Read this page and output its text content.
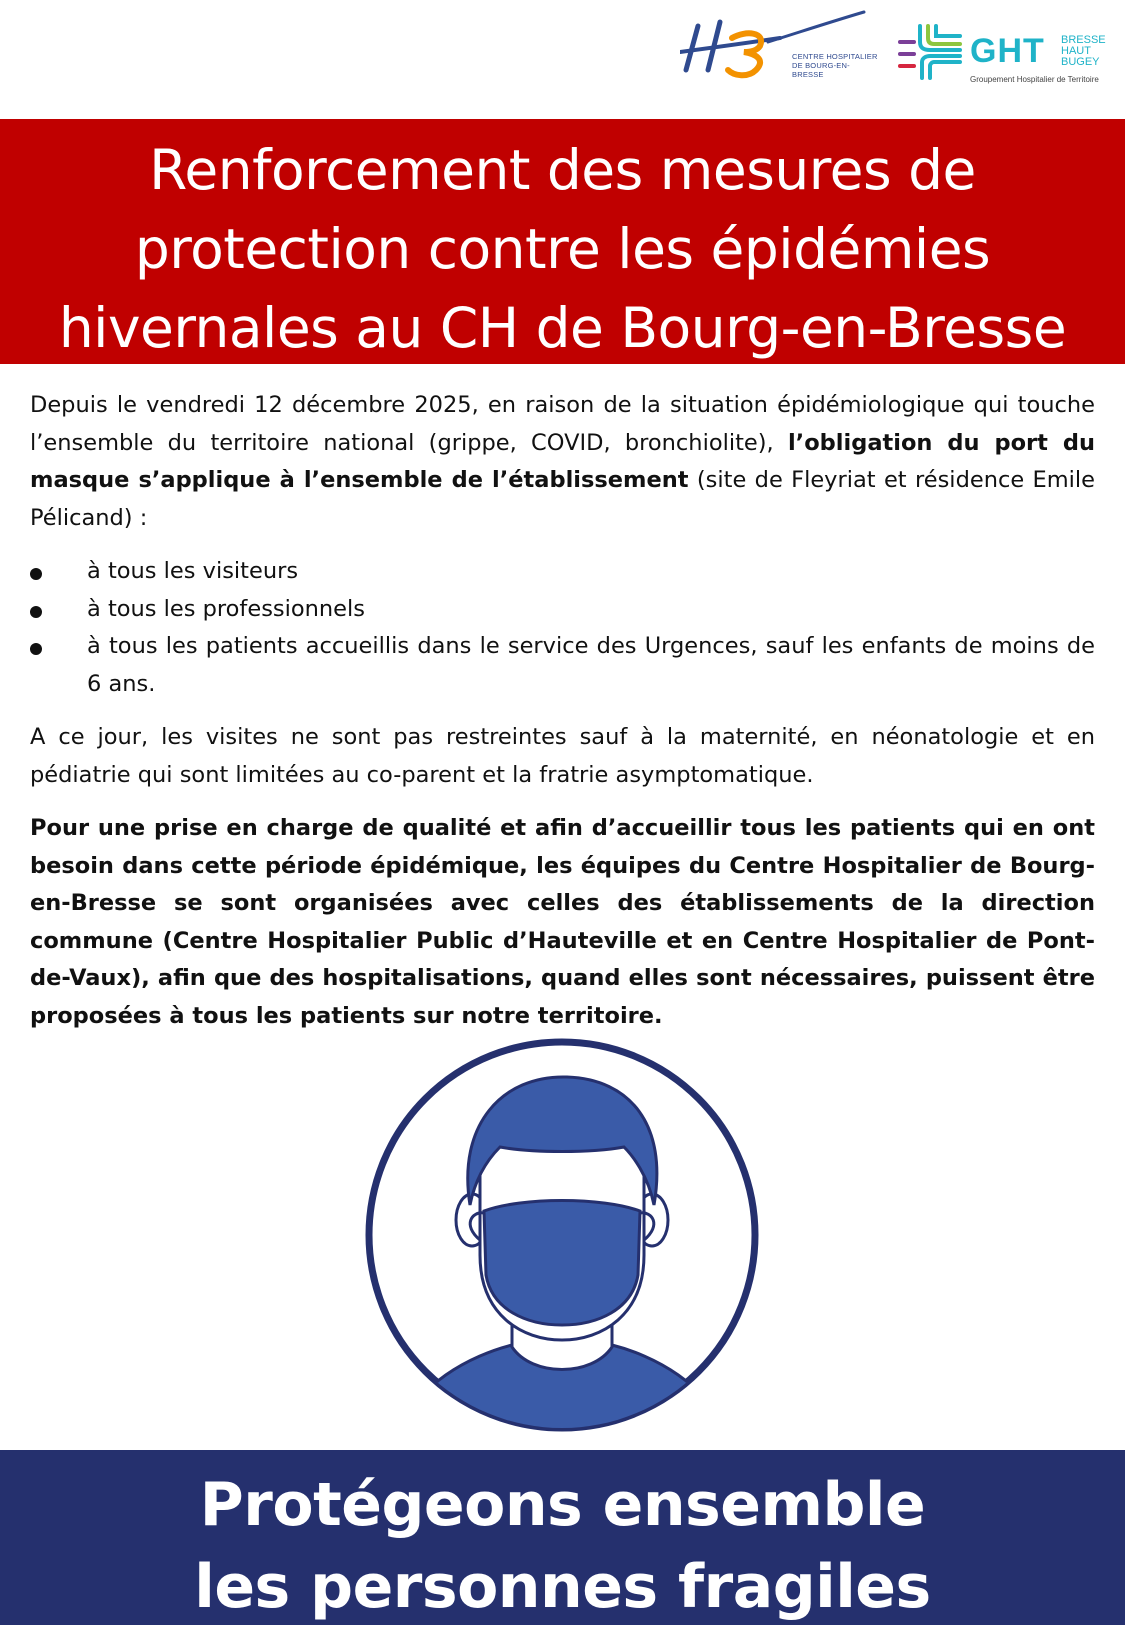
CENTRE HOSPITALIER
DE BOURG-EN-BRESSE
GHT BRESSE
HAUT
BUGEY
Groupement Hospitalier de Territoire
Renforcement des mesures de
protection contre les épidémies
hivernales au CH de Bourg-en-Bresse

Depuis le vendredi 12 décembre 2025, en raison de la situation épidémiologique qui touche l’ensemble du territoire national (grippe, COVID, bronchiolite), l’obligation du port du masque s’applique à l’ensemble de l’établissement (site de Fleyriat et résidence Emile Pélicand) :

à tous les visiteurs
à tous les professionnels
à tous les patients accueillis dans le service des Urgences, sauf les enfants de moins de 6 ans.

A ce jour, les visites ne sont pas restreintes sauf à la maternité, en néonatologie et en pédiatrie qui sont limitées au co-parent et la fratrie asymptomatique.

Pour une prise en charge de qualité et afin d’accueillir tous les patients qui en ont besoin dans cette période épidémique, les équipes du Centre Hospitalier de Bourg-en-Bresse se sont organisées avec celles des établissements de la direction commune (Centre Hospitalier Public d’Hauteville et en Centre Hospitalier de Pont-de-Vaux), afin que des hospitalisations, quand elles sont nécessaires, puissent être proposées à tous les patients sur notre territoire.

Protégeons ensemble
les personnes fragiles
